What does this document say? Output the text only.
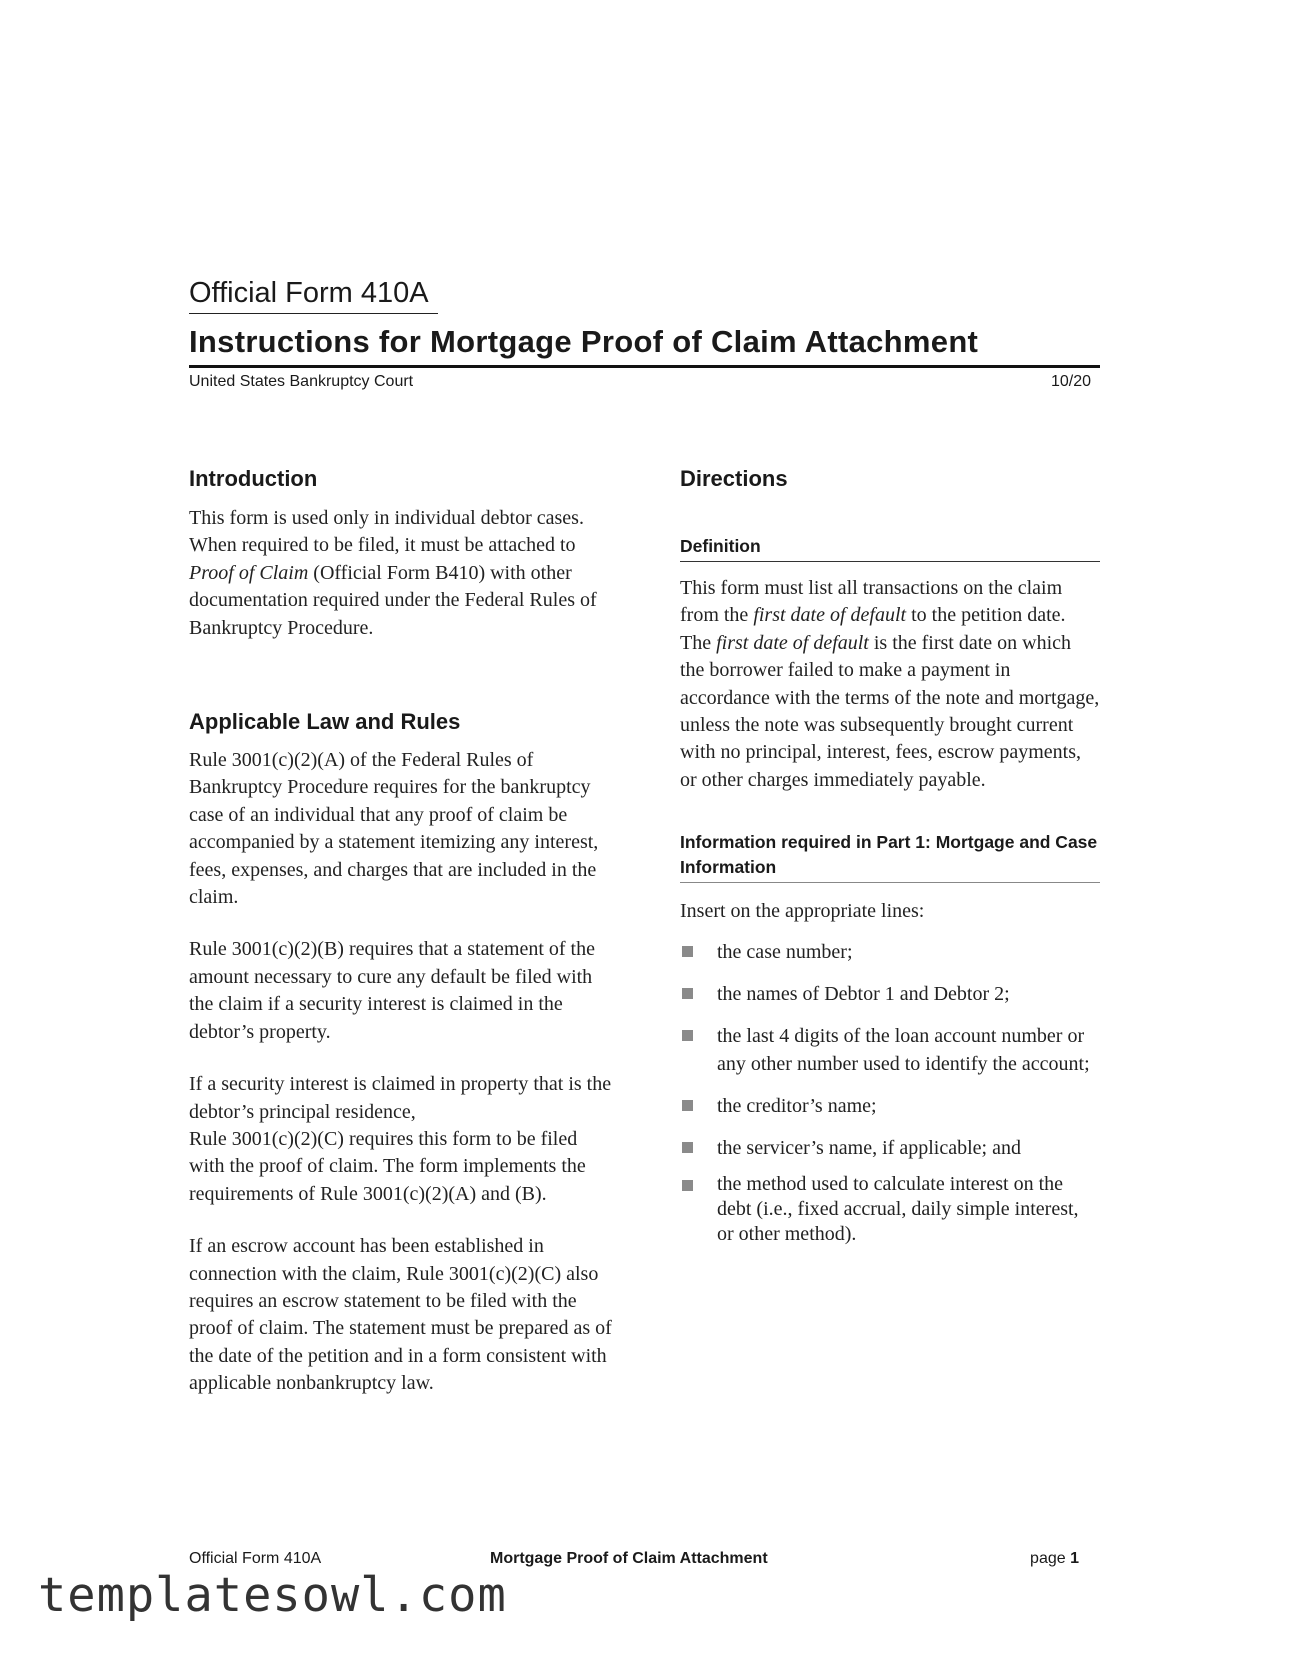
Official Form 410A
Instructions for Mortgage Proof of Claim Attachment
United States Bankruptcy Court	10/20
Introduction

This form is used only in individual debtor cases. When required to be filed, it must be attached to Proof of Claim (Official Form B410) with other documentation required under the Federal Rules of Bankruptcy Procedure.

Applicable Law and Rules

Rule 3001(c)(2)(A) of the Federal Rules of Bankruptcy Procedure requires for the bankruptcy case of an individual that any proof of claim be accompanied by a statement itemizing any interest, fees, expenses, and charges that are included in the claim.

Rule 3001(c)(2)(B) requires that a statement of the amount necessary to cure any default be filed with the claim if a security interest is claimed in the debtor’s property.

If a security interest is claimed in property that is the debtor’s principal residence,
Rule 3001(c)(2)(C) requires this form to be filed with the proof of claim. The form implements the requirements of Rule 3001(c)(2)(A) and (B).

If an escrow account has been established in connection with the claim, Rule 3001(c)(2)(C) also requires an escrow statement to be filed with the proof of claim. The statement must be prepared as of the date of the petition and in a form consistent with applicable nonbankruptcy law.

Directions
Definition

This form must list all transactions on the claim from the first date of default to the petition date. The first date of default is the first date on which the borrower failed to make a payment in accordance with the terms of the note and mortgage, unless the note was subsequently brought current with no principal, interest, fees, escrow payments, or other charges immediately payable.

Information required in Part 1: Mortgage and Case Information

Insert on the appropriate lines:

the case number;
the names of Debtor 1 and Debtor 2;
the last 4 digits of the loan account number or any other number used to identify the account;
the creditor’s name;
the servicer’s name, if applicable; and
the method used to calculate interest on the debt (i.e., fixed accrual, daily simple interest, or other method).
Official Form 410A	Mortgage Proof of Claim Attachment	page 1
templatesowl.com
